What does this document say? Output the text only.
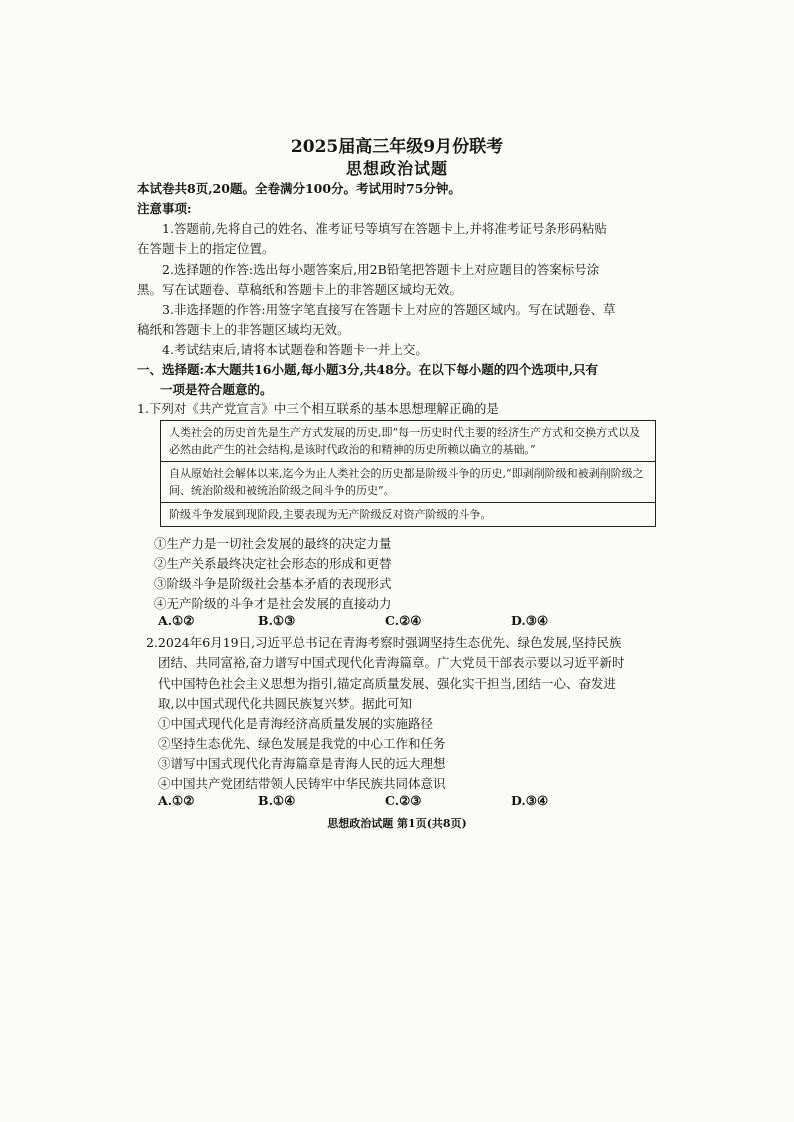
2025届高三年级9月份联考
思想政治试题
本试卷共8页,20题。全卷满分100分。考试用时75分钟。
注意事项:
1.答题前,先将自己的姓名、准考证号等填写在答题卡上,并将准考证号条形码粘贴
在答题卡上的指定位置。
2.选择题的作答:选出每小题答案后,用2B铅笔把答题卡上对应题目的答案标号涂
黑。写在试题卷、草稿纸和答题卡上的非答题区域均无效。
3.非选择题的作答:用签字笔直接写在答题卡上对应的答题区域内。写在试题卷、草
稿纸和答题卡上的非答题区域均无效。
4.考试结束后,请将本试题卷和答题卡一并上交。
一、选择题:本大题共16小题,每小题3分,共48分。在以下每小题的四个选项中,只有
一项是符合题意的。
1.下列对《共产党宣言》中三个相互联系的基本思想理解正确的是
人类社会的历史首先是生产方式发展的历史,即“每一历史时代主要的经济生产方式和交换方式以及必然由此产生的社会结构,是该时代政治的和精神的历史所赖以确立的基础。”
自从原始社会解体以来,迄今为止人类社会的历史都是阶级斗争的历史,“即剥削阶级和被剥削阶级之间、统治阶级和被统治阶级之间斗争的历史”。
阶级斗争发展到现阶段,主要表现为无产阶级反对资产阶级的斗争。
①生产力是一切社会发展的最终的决定力量
②生产关系最终决定社会形态的形成和更替
③阶级斗争是阶级社会基本矛盾的表现形式
④无产阶级的斗争才是社会发展的直接动力
A.①②	B.①③	C.②④	D.③④
2.2024年6月19日,习近平总书记在青海考察时强调坚持生态优先、绿色发展,坚持民族
团结、共同富裕,奋力谱写中国式现代化青海篇章。广大党员干部表示要以习近平新时
代中国特色社会主义思想为指引,锚定高质量发展、强化实干担当,团结一心、奋发进
取,以中国式现代化共圆民族复兴梦。据此可知
①中国式现代化是青海经济高质量发展的实施路径
②坚持生态优先、绿色发展是我党的中心工作和任务
③谱写中国式现代化青海篇章是青海人民的远大理想
④中国共产党团结带领人民铸牢中华民族共同体意识
A.①②	B.①④	C.②③	D.③④
思想政治试题 第1页(共8页)
